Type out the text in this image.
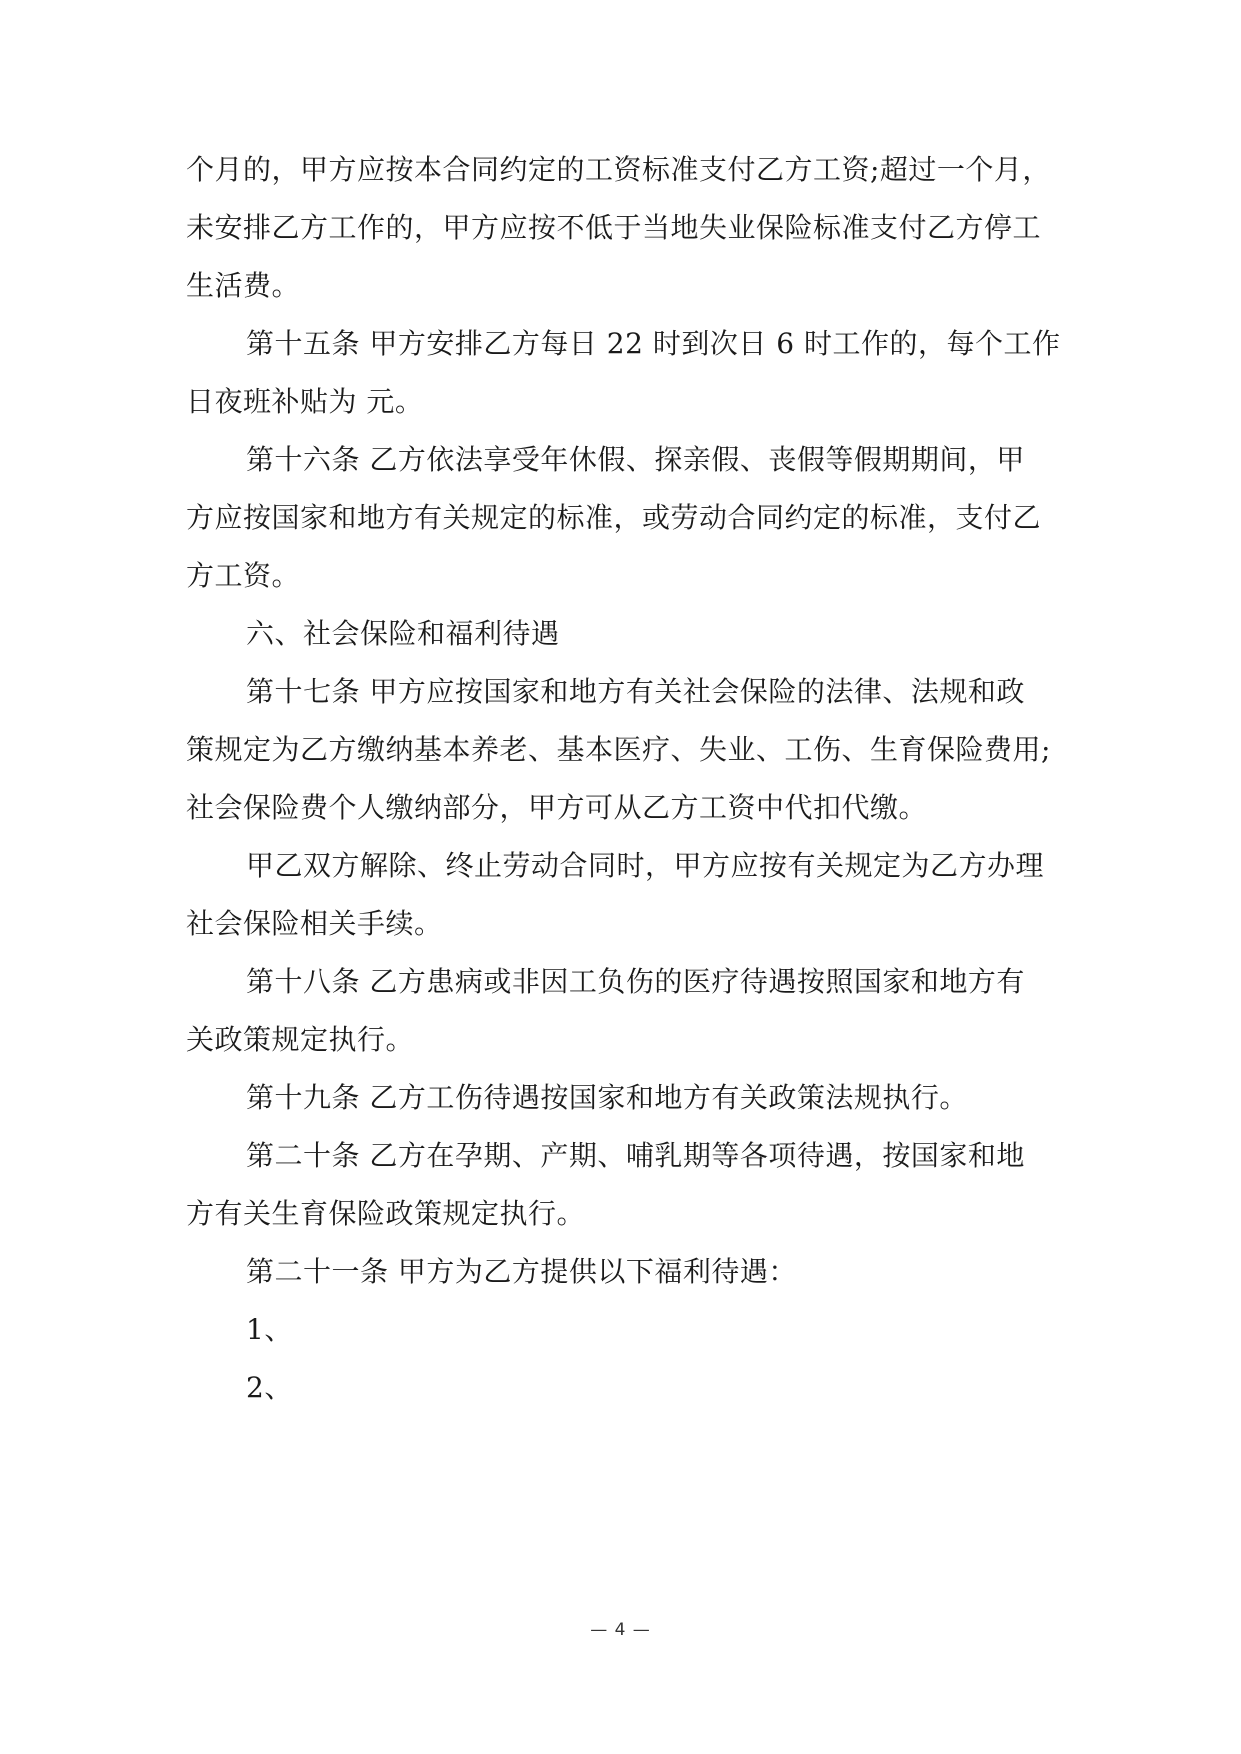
个月的，甲方应按本合同约定的工资标准支付乙方工资;超过一个月，
未安排乙方工作的，甲方应按不低于当地失业保险标准支付乙方停工
生活费。
第十五条 甲方安排乙方每日 22 时到次日 6 时工作的，每个工作
日夜班补贴为 元。
第十六条 乙方依法享受年休假、探亲假、丧假等假期期间，甲
方应按国家和地方有关规定的标准，或劳动合同约定的标准，支付乙
方工资。
六、社会保险和福利待遇
第十七条 甲方应按国家和地方有关社会保险的法律、法规和政
策规定为乙方缴纳基本养老、基本医疗、失业、工伤、生育保险费用;
社会保险费个人缴纳部分，甲方可从乙方工资中代扣代缴。
甲乙双方解除、终止劳动合同时，甲方应按有关规定为乙方办理
社会保险相关手续。
第十八条 乙方患病或非因工负伤的医疗待遇按照国家和地方有
关政策规定执行。
第十九条 乙方工伤待遇按国家和地方有关政策法规执行。
第二十条 乙方在孕期、产期、哺乳期等各项待遇，按国家和地
方有关生育保险政策规定执行。
第二十一条 甲方为乙方提供以下福利待遇：
1、
2、
— 4 —
